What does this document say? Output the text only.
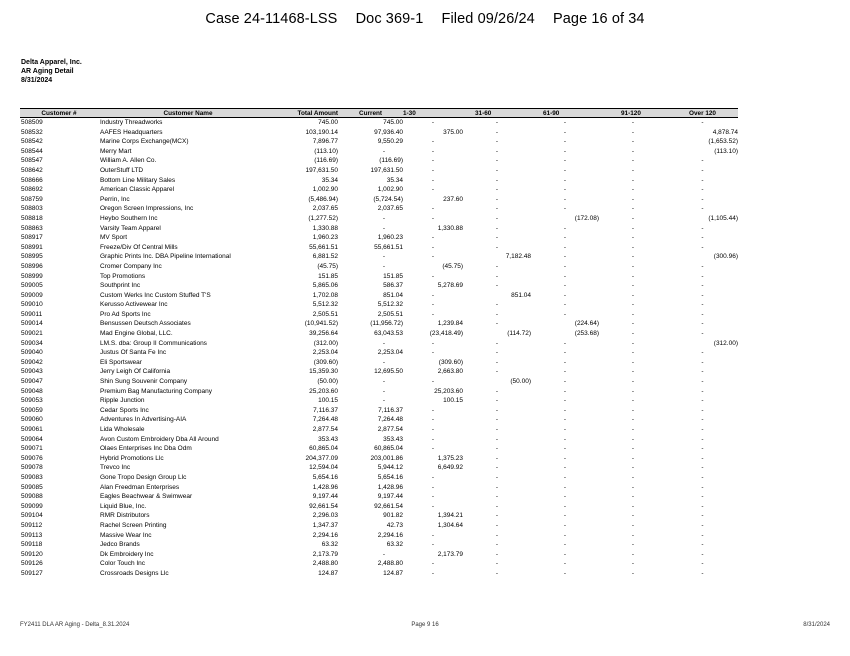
Case 24-11468-LSS Doc 369-1 Filed 09/26/24 Page 16 of 34
Delta Apparel, Inc.
AR Aging Detail
8/31/2024
Customer #	Customer Name	Total Amount	Current	1-30	31-60	61-90	91-120	Over 120
508509	Industry Threadworks	745.00	745.00	-	-	-	-	-
508532	AAFES Headquarters	103,190.14	97,936.40	375.00	-	-	-	4,878.74
508542	Marine Corps Exchange(MCX)	7,896.77	9,550.29	-	-	-	-	(1,653.52)
508544	Merry Mart	(113.10)	-	-	-	-	-	(113.10)
508547	William A. Allen Co.	(116.69)	(116.69)	-	-	-	-	-
508642	OuterStuff LTD	197,631.50	197,631.50	-	-	-	-	-
508666	Bottom Line Military Sales	35.34	35.34	-	-	-	-	-
508692	American Classic Apparel	1,002.90	1,002.90	-	-	-	-	-
508759	Perrin, Inc	(5,486.94)	(5,724.54)	237.60	-	-	-	-
508803	Oregon Screen Impressions, Inc	2,037.65	2,037.65	-	-	-	-	-
508818	Heybo Southern Inc	(1,277.52)	-	-	-	(172.08)	-	(1,105.44)
508863	Varsity Team Apparel	1,330.88	-	1,330.88	-	-	-	-
508917	MV Sport	1,960.23	1,960.23	-	-	-	-	-
508991	Freeze/Div Of Central Mills	55,661.51	55,661.51	-	-	-	-	-
508995	Graphic Prints Inc. DBA Pipeline International	6,881.52	-	-	7,182.48	-	-	(300.96)
508996	Cromer Company Inc	(45.75)	-	(45.75)	-	-	-	-
508999	Top Promotions	151.85	151.85	-	-	-	-	-
509005	Southprint Inc	5,865.06	586.37	5,278.69	-	-	-	-
509009	Custom Werks Inc Custom Stuffed T'S	1,702.08	851.04	-	851.04	-	-	-
509010	Kerusso Activewear Inc	5,512.32	5,512.32	-	-	-	-	-
509011	Pro Ad Sports Inc	2,505.51	2,505.51	-	-	-	-	-
509014	Bensussen Deutsch Associates	(10,941.52)	(11,956.72)	1,239.84	-	(224.64)	-	-
509021	Mad Engine Global, LLC.	39,256.64	63,043.53	(23,418.49)	(114.72)	(253.68)	-	-
509034	LM.S. dba: Group II Communications	(312.00)	-	-	-	-	-	(312.00)
509040	Justus Of Santa Fe Inc	2,253.04	2,253.04	-	-	-	-	-
509042	Eli Sportswear	(309.60)	-	(309.60)	-	-	-	-
509043	Jerry Leigh Of California	15,359.30	12,695.50	2,663.80	-	-	-	-
509047	Shin Sung Souvenir Company	(50.00)	-	-	(50.00)	-	-	-
509048	Premium Bag Manufacturing Company	25,203.60	-	25,203.60	-	-	-	-
509053	Ripple Junction	100.15	-	100.15	-	-	-	-
509059	Cedar Sports Inc	7,116.37	7,116.37	-	-	-	-	-
509060	Adventures In Advertising-AIA	7,264.48	7,264.48	-	-	-	-	-
509061	Lida Wholesale	2,877.54	2,877.54	-	-	-	-	-
509064	Avon Custom Embroidery Dba All Around	353.43	353.43	-	-	-	-	-
509071	Olaes Enterprises Inc Dba Odm	60,865.04	60,865.04	-	-	-	-	-
509076	Hybrid Promotions Llc	204,377.09	203,001.86	1,375.23	-	-	-	-
509078	Trevco Inc	12,594.04	5,944.12	6,649.92	-	-	-	-
509083	Gone Tropo Design Group Llc	5,654.16	5,654.16	-	-	-	-	-
509085	Alan Freedman Enterprises	1,428.96	1,428.96	-	-	-	-	-
509088	Eagles Beachwear & Swimwear	9,197.44	9,197.44	-	-	-	-	-
509099	Liquid Blue, Inc.	92,661.54	92,661.54	-	-	-	-	-
509104	RMR Distributors	2,296.03	901.82	1,394.21	-	-	-	-
509112	Rachel Screen Printing	1,347.37	42.73	1,304.64	-	-	-	-
509113	Massive Wear Inc	2,294.16	2,294.16	-	-	-	-	-
509118	Jedco Brands	63.32	63.32	-	-	-	-	-
509120	Dk Embroidery Inc	2,173.79	-	2,173.79	-	-	-	-
509126	Color Touch Inc	2,488.80	2,488.80	-	-	-	-	-
509127	Crossroads Designs Llc	124.87	124.87	-	-	-	-	-
FY2411 DLA AR Aging - Delta_8.31.2024	Page 9 16	8/31/2024
